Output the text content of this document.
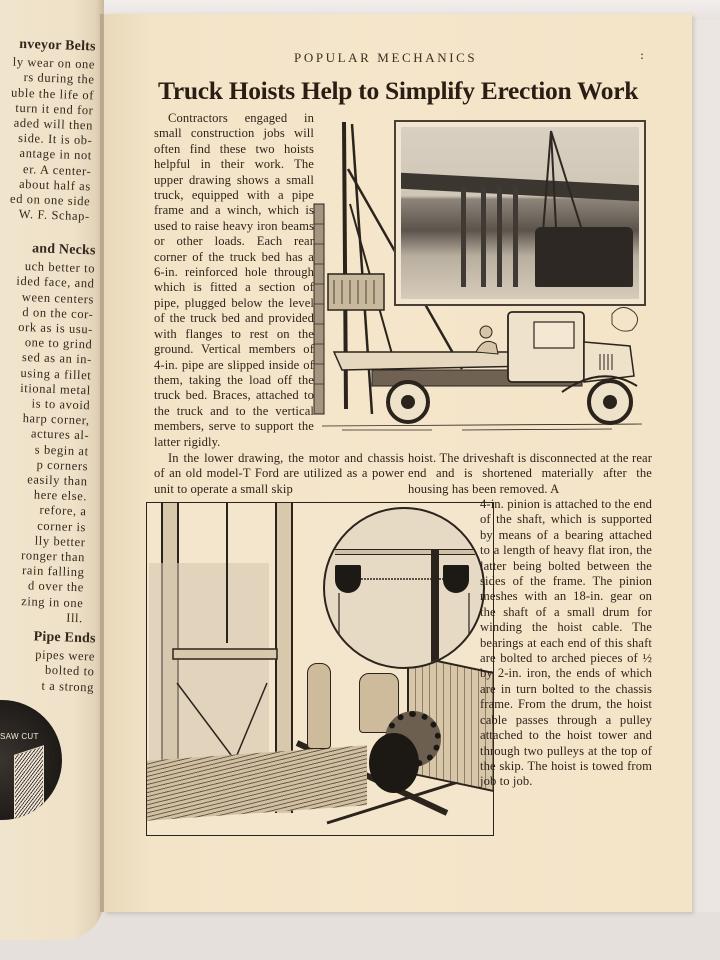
nveyor Belts
ly wear on one
rs during the
uble the life of
turn it end for
aded will then
side. It is ob-
antage in not
er. A center-
about half as
ed on one side
W. F. Schap-
and Necks
uch better to
ided face, and
ween centers
d on the cor-
ork as is usu-
one to grind
sed as an in-
using a fillet
itional metal
is to avoid
harp corner,
actures al-
s begin at
p corners
easily than
here else.
refore, a
corner is
lly better
ronger than
rain falling
d over the
zing in one
Ill.
Pipe Ends
pipes were
bolted to
t a strong
SAW CUT
POPULAR MECHANICS	:
Truck Hoists Help to Simplify Erection Work

Contractors engaged in small construction jobs will often find these two hoists helpful in their work. The upper drawing shows a small truck, equipped with a pipe frame and a winch, which is used to raise heavy iron beams or other loads. Each rear corner of the truck bed has a 6-in. reinforced hole through which is fitted a section of pipe, plugged below the level of the truck bed and provided with flanges to rest on the ground. Vertical members of 4-in. pipe are slipped inside of them, taking the load off the truck bed. Braces, attached to the truck and to the vertical members, serve to support the latter rigidly.

In the lower drawing, the motor and chassis of an old model-T Ford are utilized as a power unit to operate a small skip

hoist. The driveshaft is disconnected at the rear end and is shortened materially after the housing has been removed. A

4-in. pinion is attached to the end of the shaft, which is supported by means of a bearing attached to a length of heavy flat iron, the latter being bolted between the sides of the frame. The pinion meshes with an 18-in. gear on the shaft of a small drum for winding the hoist cable. The bearings at each end of this shaft are bolted to arched pieces of ½ by 2-in. iron, the ends of which are in turn bolted to the chassis frame. From the drum, the hoist cable passes through a pulley attached to the hoist tower and through two pulleys at the top of the skip. The hoist is towed from job to job.
